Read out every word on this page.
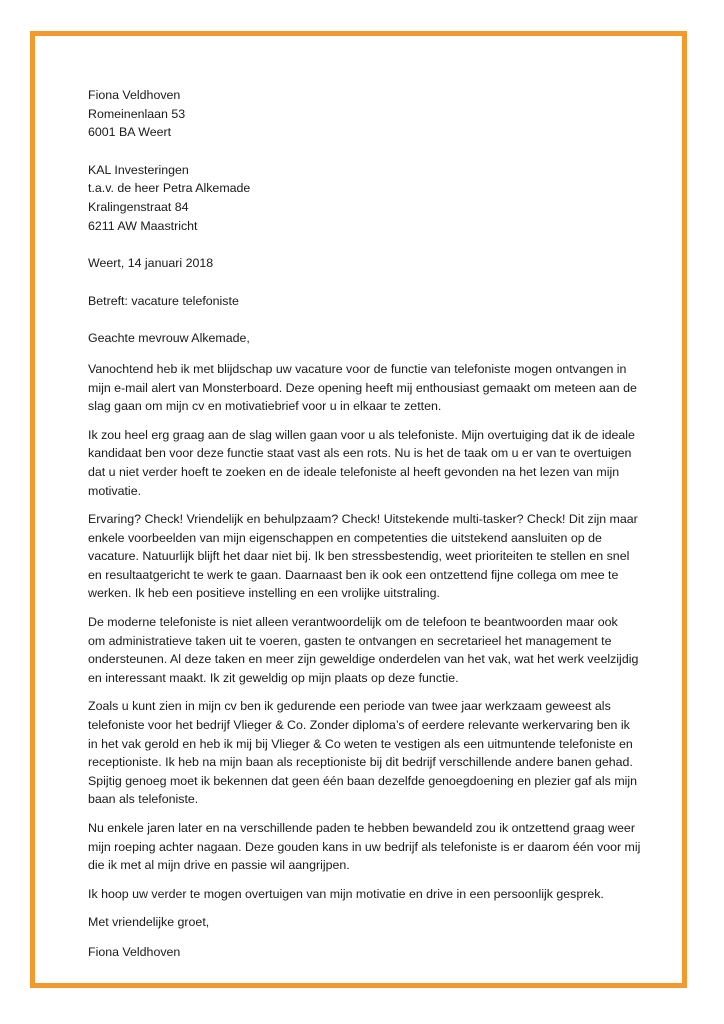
Fiona Veldhoven
Romeinenlaan 53
6001 BA Weert
KAL Investeringen
t.a.v. de heer Petra Alkemade
Kralingenstraat 84
6211 AW Maastricht
Weert, 14 januari 2018
Betreft: vacature telefoniste
Geachte mevrouw Alkemade,
Vanochtend heb ik met blijdschap uw vacature voor de functie van telefoniste mogen ontvangen in
mijn e-mail alert van Monsterboard. Deze opening heeft mij enthousiast gemaakt om meteen aan de
slag gaan om mijn cv en motivatiebrief voor u in elkaar te zetten.
Ik zou heel erg graag aan de slag willen gaan voor u als telefoniste. Mijn overtuiging dat ik de ideale
kandidaat ben voor deze functie staat vast als een rots. Nu is het de taak om u er van te overtuigen
dat u niet verder hoeft te zoeken en de ideale telefoniste al heeft gevonden na het lezen van mijn
motivatie.
Ervaring? Check! Vriendelijk en behulpzaam? Check! Uitstekende multi-tasker? Check! Dit zijn maar
enkele voorbeelden van mijn eigenschappen en competenties die uitstekend aansluiten op de
vacature. Natuurlijk blijft het daar niet bij. Ik ben stressbestendig, weet prioriteiten te stellen en snel
en resultaatgericht te werk te gaan. Daarnaast ben ik ook een ontzettend fijne collega om mee te
werken. Ik heb een positieve instelling en een vrolijke uitstraling.
De moderne telefoniste is niet alleen verantwoordelijk om de telefoon te beantwoorden maar ook
om administratieve taken uit te voeren, gasten te ontvangen en secretarieel het management te
ondersteunen. Al deze taken en meer zijn geweldige onderdelen van het vak, wat het werk veelzijdig
en interessant maakt. Ik zit geweldig op mijn plaats op deze functie.
Zoals u kunt zien in mijn cv ben ik gedurende een periode van twee jaar werkzaam geweest als
telefoniste voor het bedrijf Vlieger & Co. Zonder diploma’s of eerdere relevante werkervaring ben ik
in het vak gerold en heb ik mij bij Vlieger & Co weten te vestigen als een uitmuntende telefoniste en
receptioniste. Ik heb na mijn baan als receptioniste bij dit bedrijf verschillende andere banen gehad.
Spijtig genoeg moet ik bekennen dat geen één baan dezelfde genoegdoening en plezier gaf als mijn
baan als telefoniste.
Nu enkele jaren later en na verschillende paden te hebben bewandeld zou ik ontzettend graag weer
mijn roeping achter nagaan. Deze gouden kans in uw bedrijf als telefoniste is er daarom één voor mij
die ik met al mijn drive en passie wil aangrijpen.
Ik hoop uw verder te mogen overtuigen van mijn motivatie en drive in een persoonlijk gesprek.
Met vriendelijke groet,
Fiona Veldhoven
